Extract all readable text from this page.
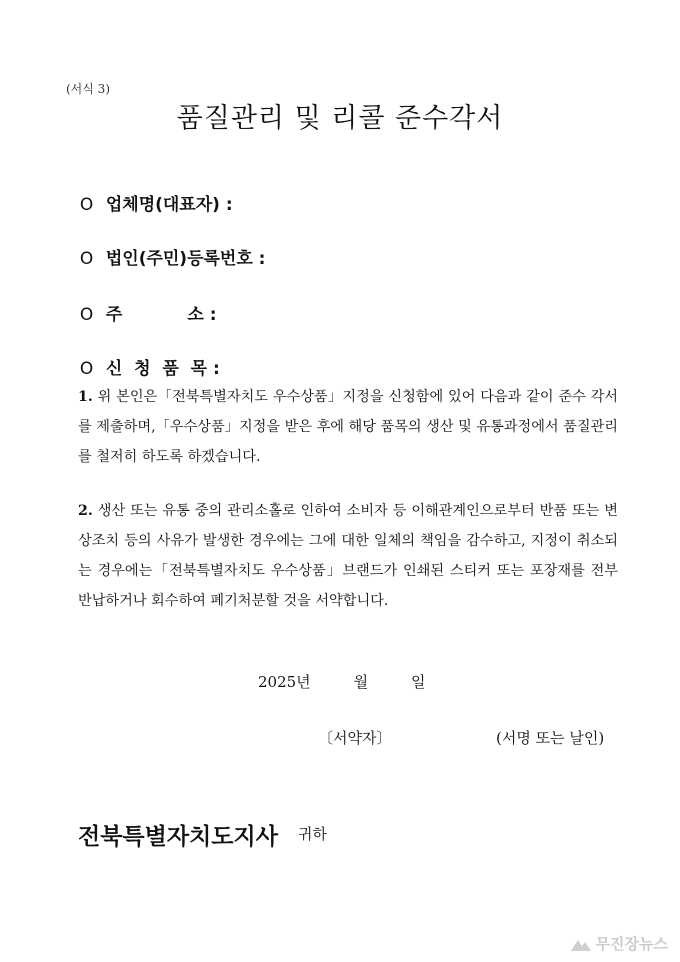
(서식 3)
품질관리 및 리콜 준수각서

O 업체명(대표자) :

O 법인(주민)등록번호 :

O 주           소 :

O 신  청  품  목 :

1. 위 본인은「전북특별자치도 우수상품」지정을 신청함에 있어 다음과 같이 준수 각서를 제출하며,「우수상품」지정을 받은 후에 해당 품목의 생산 및 유통과정에서 품질관리를 철저히 하도록 하겠습니다.
2. 생산 또는 유통 중의 관리소홀로 인하여 소비자 등 이해관계인으로부터 반품 또는 변상조치 등의 사유가 발생한 경우에는 그에 대한 일체의 책임을 감수하고, 지정이 취소되는 경우에는「전북특별자치도 우수상품」브랜드가 인쇄된 스티커 또는 포장재를 전부 반납하거나 회수하여 폐기처분할 것을 서약합니다.
2025년         월         일
〔서약자〕	(서명 또는 날인)
전북특별자치도지사 귀하
무진장뉴스
